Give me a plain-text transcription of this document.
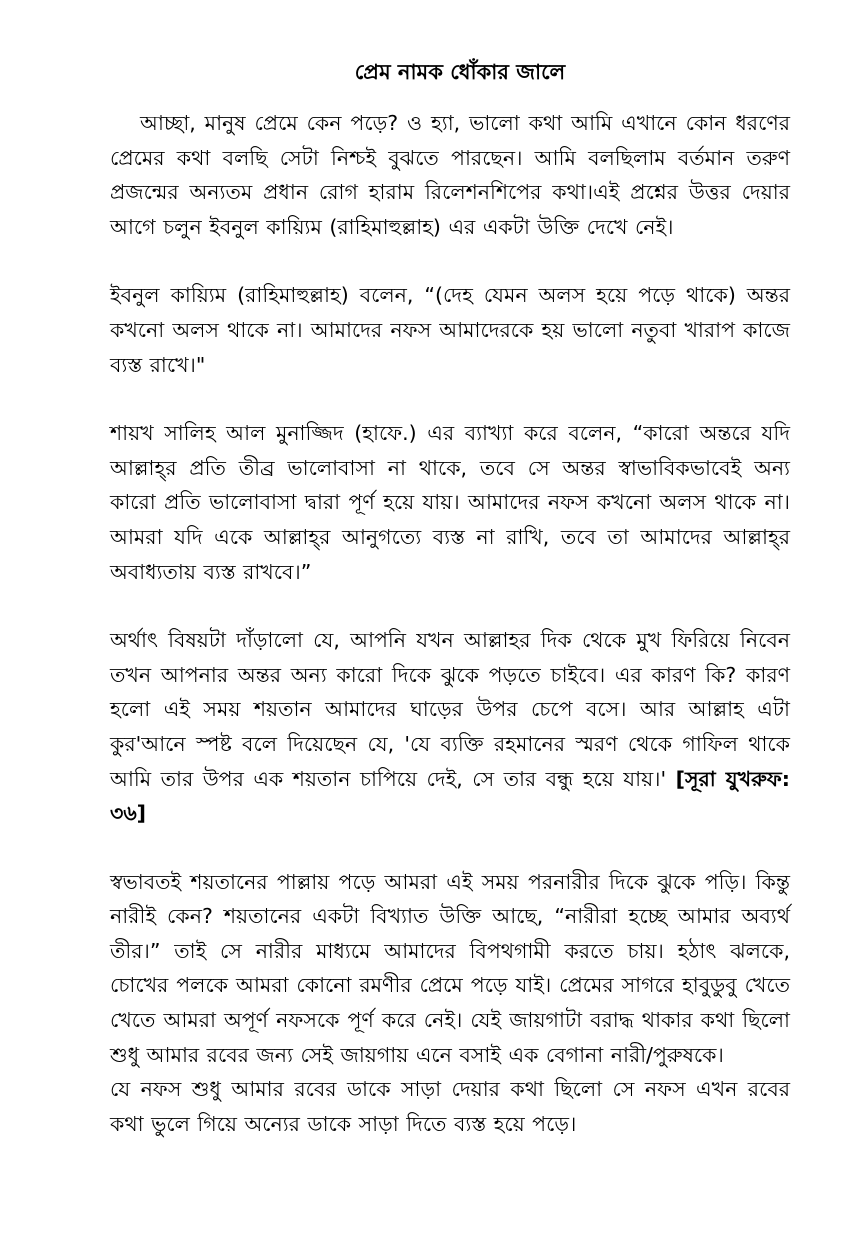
প্রেম নামক ধোঁকার জালে

আচ্ছা, মানুষ প্রেমে কেন পড়ে? ও হ্যা, ভালো কথা আমি এখানে কোন ধরণের প্রেমের কথা বলছি সেটা নিশ্চই বুঝতে পারছেন। আমি বলছিলাম বর্তমান তরুণ প্রজন্মের অন্যতম প্রধান রোগ হারাম রিলেশনশিপের কথা।এই প্রশ্নের উত্তর দেয়ার আগে চলুন ইবনুল কায়্যিম (রাহিমাহুল্লাহ) এর একটা উক্তি দেখে নেই।

ইবনুল কায়্যিম (রাহিমাহুল্লাহ) বলেন, “(দেহ যেমন অলস হয়ে পড়ে থাকে) অন্তর কখনো অলস থাকে না। আমাদের নফস আমাদেরকে হয় ভালো নতুবা খারাপ কাজে ব্যস্ত রাখে।"

শায়খ সালিহ আল মুনাজ্জিদ (হাফে.) এর ব্যাখ্যা করে বলেন, “কারো অন্তরে যদি আল্লাহ্‌র প্রতি তীব্র ভালোবাসা না থাকে, তবে সে অন্তর স্বাভাবিকভাবেই অন্য কারো প্রতি ভালোবাসা দ্বারা পূর্ণ হয়ে যায়। আমাদের নফস কখনো অলস থাকে না। আমরা যদি একে আল্লাহ্‌র আনুগত্যে ব্যস্ত না রাখি, তবে তা আমাদের আল্লাহ্‌র অবাধ্যতায় ব্যস্ত রাখবে।”

অর্থাৎ বিষয়টা দাঁড়ালো যে, আপনি যখন আল্লাহর দিক থেকে মুখ ফিরিয়ে নিবেন তখন আপনার অন্তর অন্য কারো দিকে ঝুকে পড়তে চাইবে। এর কারণ কি? কারণ হলো এই সময় শয়তান আমাদের ঘাড়ের উপর চেপে বসে। আর আল্লাহ এটা কুর'আনে স্পষ্ট বলে দিয়েছেন যে, 'যে ব্যক্তি রহমানের স্মরণ থেকে গাফিল থাকে আমি তার উপর এক শয়তান চাপিয়ে দেই, সে তার বন্ধু হয়ে যায়।' [সূরা যুখরুফ: ৩৬]

স্বভাবতই শয়তানের পাল্লায় পড়ে আমরা এই সময় পরনারীর দিকে ঝুকে পড়ি। কিন্তু নারীই কেন? শয়তানের একটা বিখ্যাত উক্তি আছে, “নারীরা হচ্ছে আমার অব্যর্থ তীর।” তাই সে নারীর মাধ্যমে আমাদের বিপথগামী করতে চায়। হঠাৎ ঝলকে, চোখের পলকে আমরা কোনো রমণীর প্রেমে পড়ে যাই। প্রেমের সাগরে হাবুডুবু খেতে খেতে আমরা অপূর্ণ নফসকে পূর্ণ করে নেই। যেই জায়গাটা বরাদ্ধ থাকার কথা ছিলো শুধু আমার রবের জন্য সেই জায়গায় এনে বসাই এক বেগানা নারী/পুরুষকে।

যে নফস শুধু আমার রবের ডাকে সাড়া দেয়ার কথা ছিলো সে নফস এখন রবের কথা ভুলে গিয়ে অন্যের ডাকে সাড়া দিতে ব্যস্ত হয়ে পড়ে।
